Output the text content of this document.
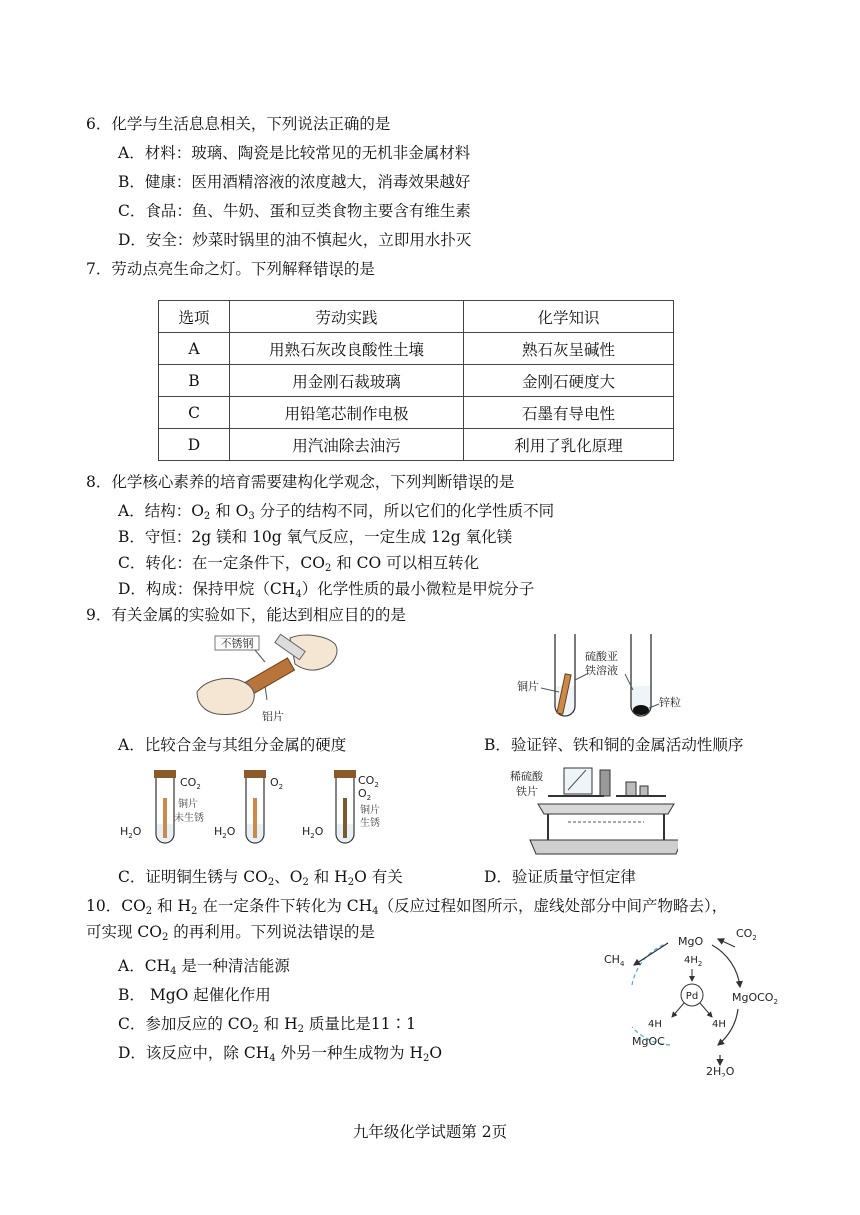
6．化学与生活息息相关，下列说法正确的是
A．材料：玻璃、陶瓷是比较常见的无机非金属材料
B．健康：医用酒精溶液的浓度越大，消毒效果越好
C．食品：鱼、牛奶、蛋和豆类食物主要含有维生素
D．安全：炒菜时锅里的油不慎起火，立即用水扑灭
7．劳动点亮生命之灯。下列解释错误的是
选项	劳动实践	化学知识
A	用熟石灰改良酸性土壤	熟石灰呈碱性
B	用金刚石裁玻璃	金刚石硬度大
C	用铅笔芯制作电极	石墨有导电性
D	用汽油除去油污	利用了乳化原理
8．化学核心素养的培育需要建构化学观念，下列判断错误的是
A．结构：$O_2$ 和 $O_3$ 分子的结构不同，所以它们的化学性质不同
B．守恒：2g 镁和 10g 氧气反应，一定生成 12g 氧化镁
C．转化：在一定条件下，$CO_2$ 和 CO 可以相互转化
D．构成：保持甲烷$(CH_4)$化学性质的最小微粒是甲烷分子
9．有关金属的实验如下，能达到相应目的的是
不锈钢
铝片
A．比较合金与其组分金属的硬度
铜片
硫酸亚
铁溶液
锌粒
B．验证锌、铁和铜的金属活动性顺序
$CO_2$
铜片
未生锈
$H_2O$
$O_2$
$H_2O$
$CO_2$
$O_2$
铜片
生锈
$H_2O$
C．证明铜生锈与 $CO_2$、$O_2$ 和 $H_2O$ 有关
稀硫酸
铁片
D．验证质量守恒定律
10．$CO_2$ 和 $H_2$ 在一定条件下转化为 $CH_4$（反应过程如图所示，虚线处部分中间产物略去），
可实现 $CO_2$ 的再利用。下列说法错误的是
A．$CH_4$ 是一种清洁能源
B． MgO 起催化作用
C．参加反应的 $CO_2$ 和 $H_2$ 质量比是11∶1
D．该反应中，除 $CH_4$ 外另一种生成物为 $H_2O$
MgO
$CO_2$
$4H_2$
Pd
$CH_4$
MgOCO$_2$
4H	4H
MgOC
$2H_2O$
九年级化学试题第 2页
